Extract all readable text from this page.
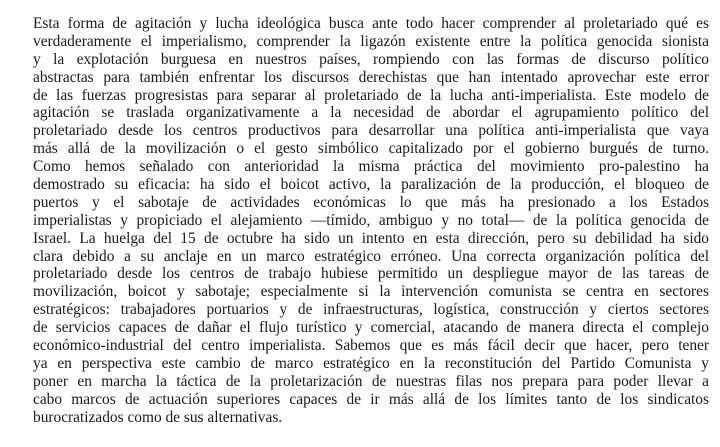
Esta forma de agitación y lucha ideológica busca ante todo hacer comprender al proletariado qué es
verdaderamente el imperialismo, comprender la ligazón existente entre la política genocida sionista
y la explotación burguesa en nuestros países, rompiendo con las formas de discurso político
abstractas para también enfrentar los discursos derechistas que han intentado aprovechar este error
de las fuerzas progresistas para separar al proletariado de la lucha anti-imperialista. Este modelo de
agitación se traslada organizativamente a la necesidad de abordar el agrupamiento político del
proletariado desde los centros productivos para desarrollar una política anti-imperialista que vaya
más allá de la movilización o el gesto simbólico capitalizado por el gobierno burgués de turno.
Como hemos señalado con anterioridad la misma práctica del movimiento pro-palestino ha
demostrado su eficacia: ha sido el boicot activo, la paralización de la producción, el bloqueo de
puertos y el sabotaje de actividades económicas lo que más ha presionado a los Estados
imperialistas y propiciado el alejamiento —tímido, ambiguo y no total— de la política genocida de
Israel. La huelga del 15 de octubre ha sido un intento en esta dirección, pero su debilidad ha sido
clara debido a su anclaje en un marco estratégico erróneo. Una correcta organización política del
proletariado desde los centros de trabajo hubiese permitido un despliegue mayor de las tareas de
movilización, boicot y sabotaje; especialmente si la intervención comunista se centra en sectores
estratégicos: trabajadores portuarios y de infraestructuras, logística, construcción y ciertos sectores
de servicios capaces de dañar el flujo turístico y comercial, atacando de manera directa el complejo
económico-industrial del centro imperialista. Sabemos que es más fácil decir que hacer, pero tener
ya en perspectiva este cambio de marco estratégico en la reconstitución del Partido Comunista y
poner en marcha la táctica de la proletarización de nuestras filas nos prepara para poder llevar a
cabo marcos de actuación superiores capaces de ir más allá de los límites tanto de los sindicatos
burocratizados como de sus alternativas.
